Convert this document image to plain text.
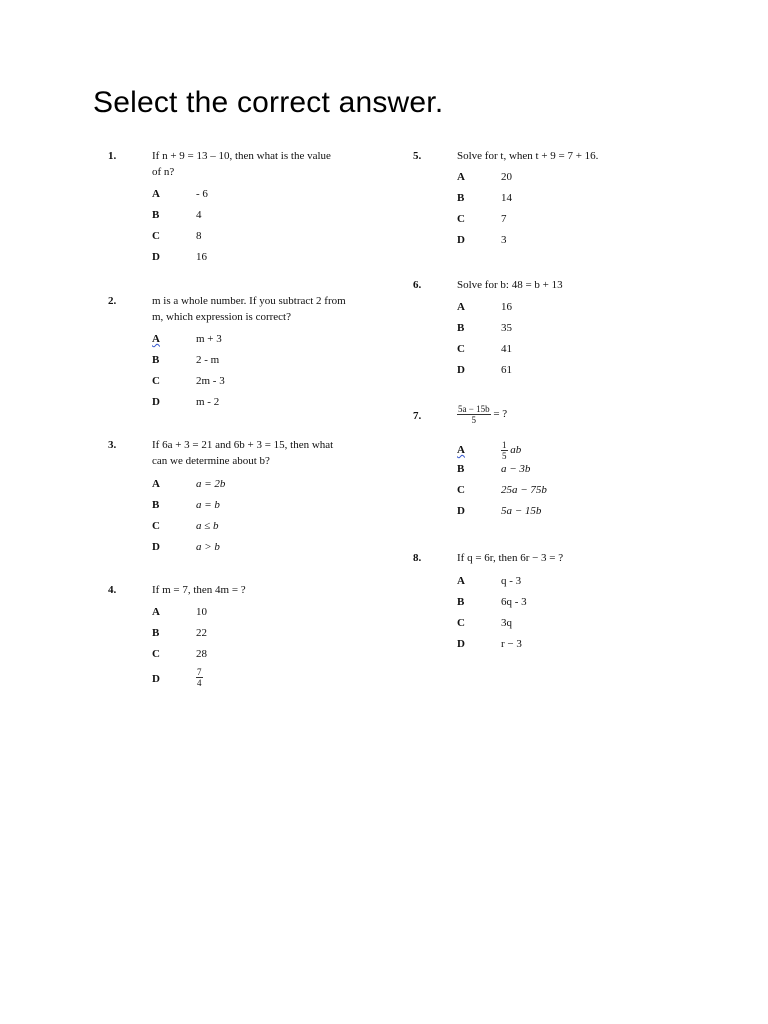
Select the correct answer.
1.	If n + 9 = 13 – 10, then what is the value of n?
A	- 6
B	4
C	8
D	16
2.	m is a whole number. If you subtract 2 from m, which expression is correct?
A	m + 3
B	2 - m
C	2m - 3
D	m - 2
3.	If 6a + 3 = 21 and 6b + 3 = 15, then what can we determine about b?
A	a = 2b
B	a = b
C	a ≤ b
D	a > b
4.	If m = 7, then 4m = ?
A	10
B	22
C	28
D	$\frac{7}{4}$
5.	Solve for t, when t + 9 = 7 + 16.
A	20
B	14
C	7
D	3
6.	Solve for b: 48 = b + 13
A	16
B	35
C	41
D	61
7.	$\frac{5a - 15b}{5}$ = ?
A	$\frac{1}{5}$ ab
B	a − 3b
C	25a − 75b
D	5a − 15b
8.	If q = 6r, then 6r − 3 = ?
A	q - 3
B	6q - 3
C	3q
D	r − 3
